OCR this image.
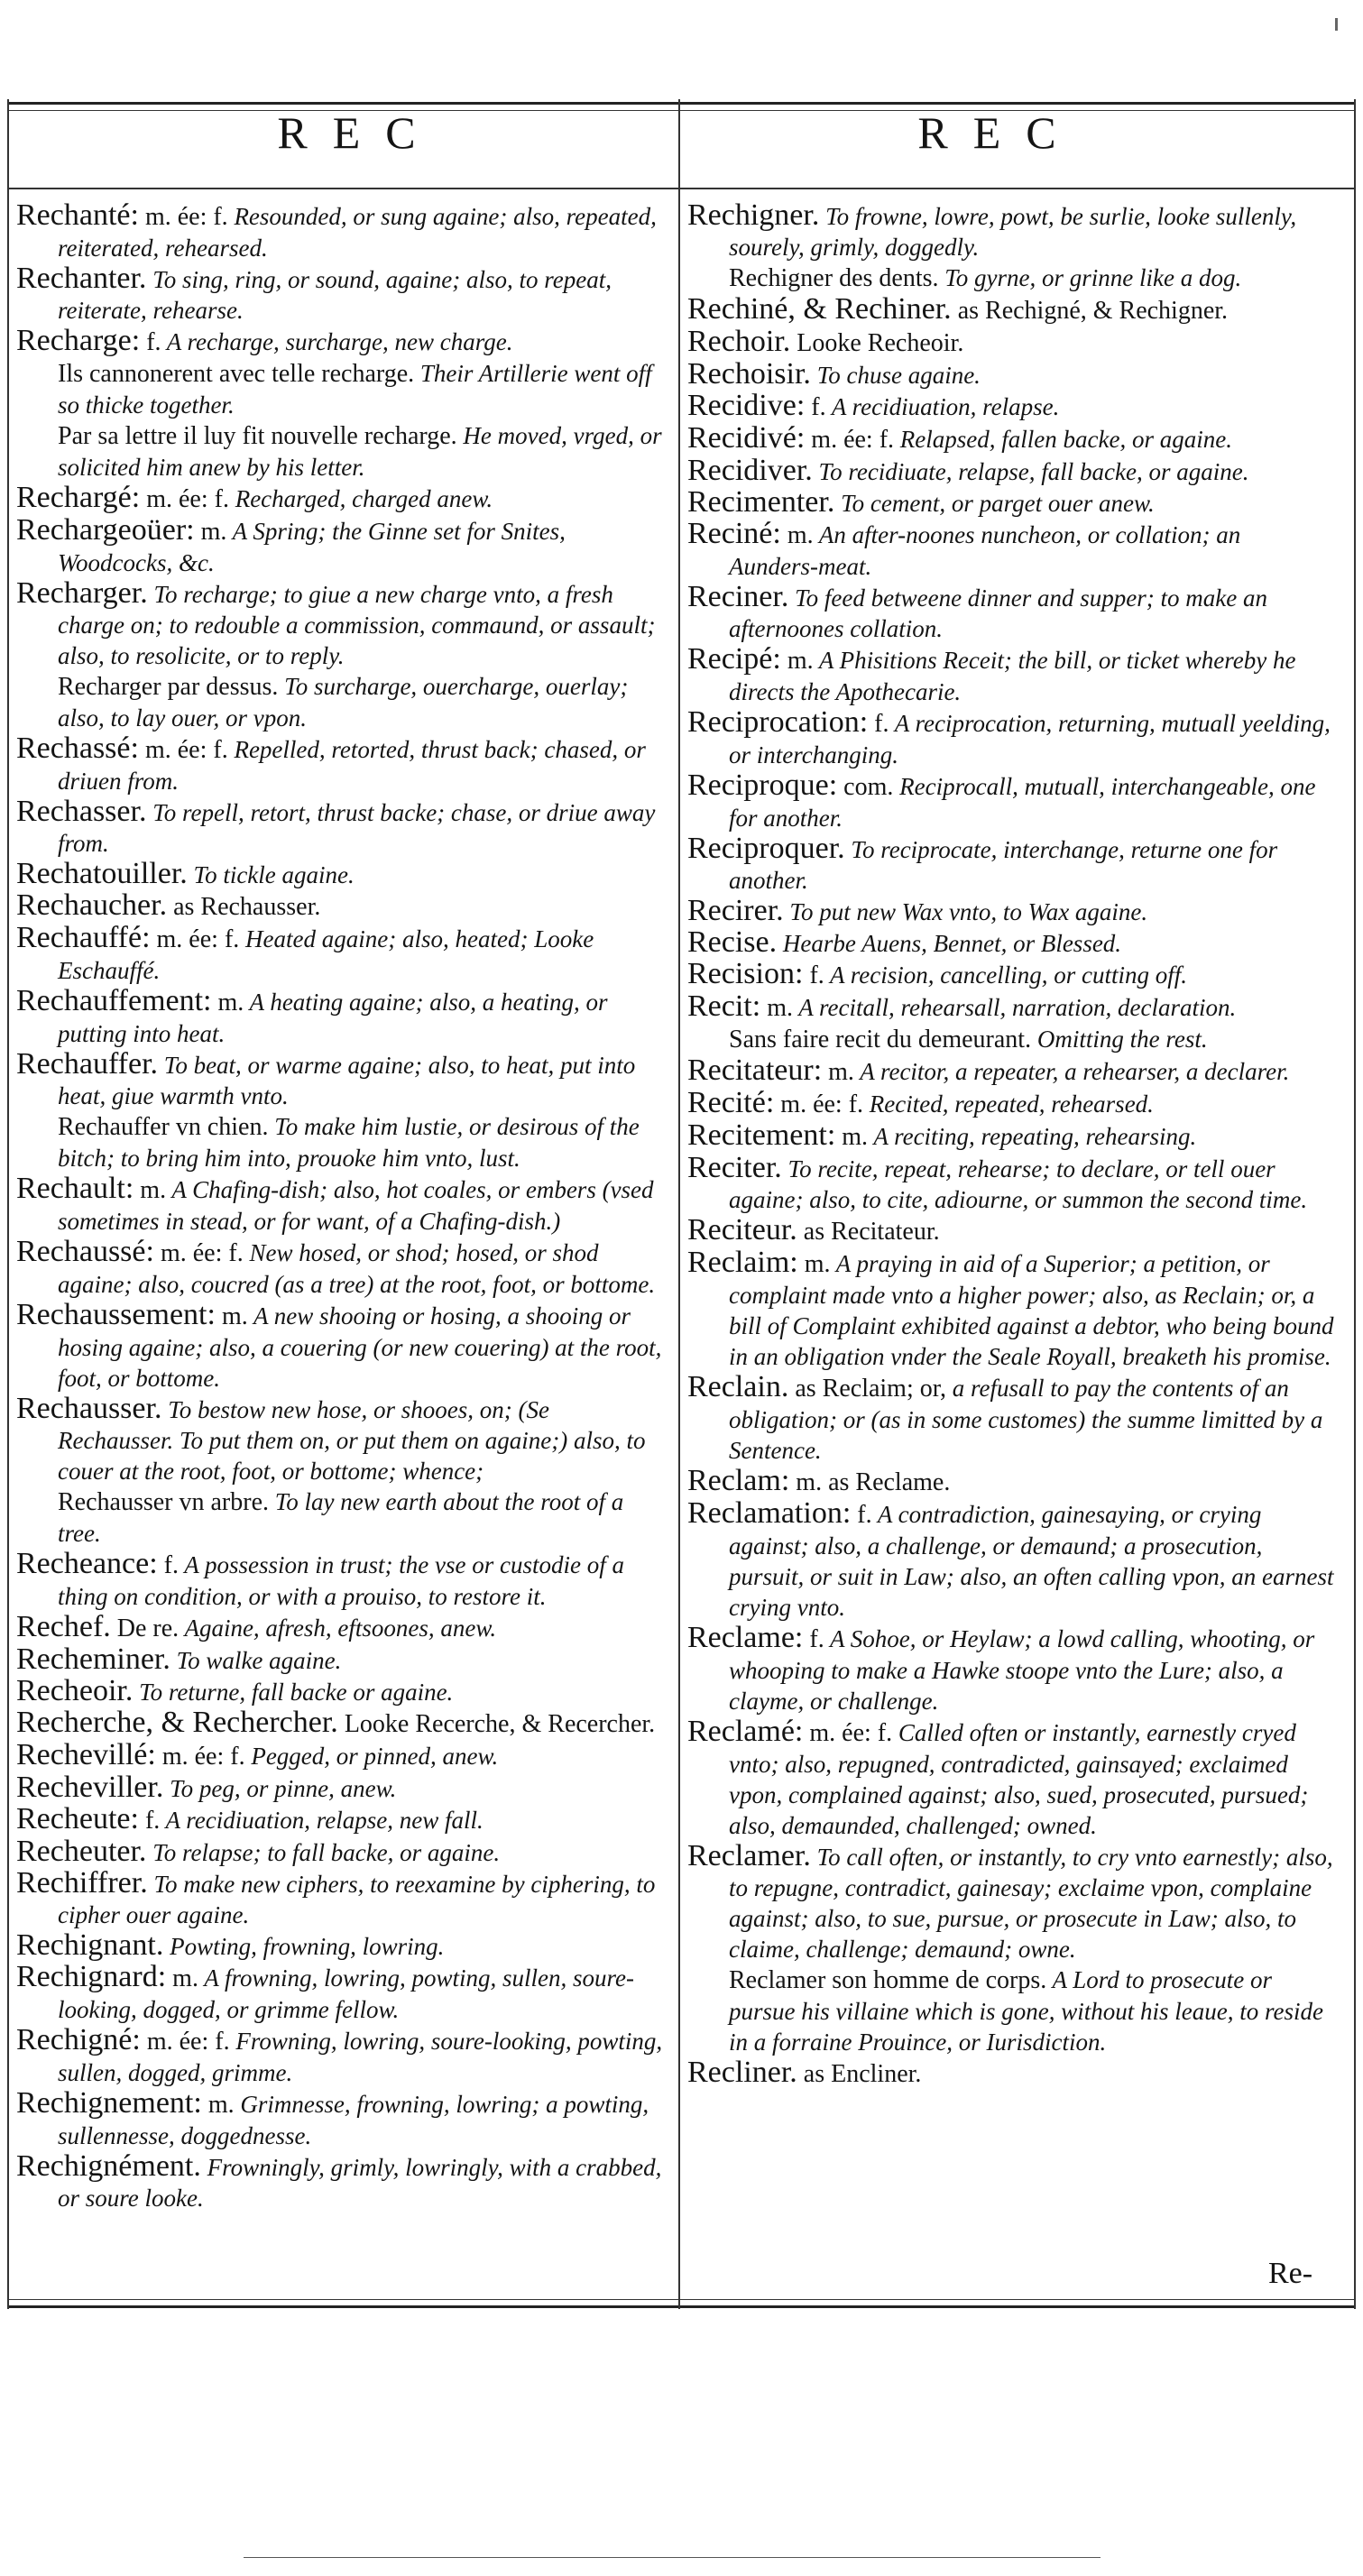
REC	REC
Rechanté: m. ée: f. Resounded, or sung againe; also, repeated, reiterated, rehearsed.
Rechanter. To sing, ring, or sound, againe; also, to repeat, reiterate, rehearse.
Recharge: f. A recharge, surcharge, new charge.
Ils cannonerent avec telle recharge. Their Artillerie went off so thicke together.
Par sa lettre il luy fit nouvelle recharge. He moved, vrged, or solicited him anew by his letter.
Rechargé: m. ée: f. Recharged, charged anew.
Rechargeoüer: m. A Spring; the Ginne set for Snites, Woodcocks, &c.
Recharger. To recharge; to giue a new charge vnto, a fresh charge on; to redouble a commission, commaund, or assault; also, to resolicite, or to reply.
Recharger par dessus. To surcharge, ouercharge, ouerlay; also, to lay ouer, or vpon.
Rechassé: m. ée: f. Repelled, retorted, thrust back; chased, or driuen from.
Rechasser. To repell, retort, thrust backe; chase, or driue away from.
Rechatouiller. To tickle againe.
Rechaucher. as Rechausser.
Rechauffé: m. ée: f. Heated againe; also, heated; Looke Eschauffé.
Rechauffement: m. A heating againe; also, a heating, or putting into heat.
Rechauffer. To beat, or warme againe; also, to heat, put into heat, giue warmth vnto.
Rechauffer vn chien. To make him lustie, or desirous of the bitch; to bring him into, prouoke him vnto, lust.
Rechault: m. A Chafing-dish; also, hot coales, or embers (vsed sometimes in stead, or for want, of a Chafing-dish.)
Rechaussé: m. ée: f. New hosed, or shod; hosed, or shod againe; also, coucred (as a tree) at the root, foot, or bottome.
Rechaussement: m. A new shooing or hosing, a shooing or hosing againe; also, a couering (or new couering) at the root, foot, or bottome.
Rechausser. To bestow new hose, or shooes, on; (Se Rechausser. To put them on, or put them on againe;) also, to couer at the root, foot, or bottome; whence;
Rechausser vn arbre. To lay new earth about the root of a tree.
Recheance: f. A possession in trust; the vse or custodie of a thing on condition, or with a prouiso, to restore it.
Rechef. De re. Againe, afresh, eftsoones, anew.
Recheminer. To walke againe.
Recheoir. To returne, fall backe or againe.
Recherche, & Rechercher. Looke Recerche, & Recercher.
Rechevillé: m. ée: f. Pegged, or pinned, anew.
Recheviller. To peg, or pinne, anew.
Recheute: f. A recidiuation, relapse, new fall.
Recheuter. To relapse; to fall backe, or againe.
Rechiffrer. To make new ciphers, to reexamine by ciphering, to cipher ouer againe.
Rechignant. Powting, frowning, lowring.
Rechignard: m. A frowning, lowring, powting, sullen, soure-looking, dogged, or grimme fellow.
Rechigné: m. ée: f. Frowning, lowring, soure-looking, powting, sullen, dogged, grimme.
Rechignement: m. Grimnesse, frowning, lowring; a powting, sullennesse, doggednesse.
Rechignément. Frowningly, grimly, lowringly, with a crabbed, or soure looke.
Rechigner. To frowne, lowre, powt, be surlie, looke sullenly, sourely, grimly, doggedly.
Rechigner des dents. To gyrne, or grinne like a dog.
Rechiné, & Rechiner. as Rechigné, & Rechigner.
Rechoir. Looke Recheoir.
Rechoisir. To chuse againe.
Recidive: f. A recidiuation, relapse.
Recidivé: m. ée: f. Relapsed, fallen backe, or againe.
Recidiver. To recidiuate, relapse, fall backe, or againe.
Recimenter. To cement, or parget ouer anew.
Reciné: m. An after-noones nuncheon, or collation; an Aunders-meat.
Reciner. To feed betweene dinner and supper; to make an afternoones collation.
Recipé: m. A Phisitions Receit; the bill, or ticket whereby he directs the Apothecarie.
Reciprocation: f. A reciprocation, returning, mutuall yeelding, or interchanging.
Reciproque: com. Reciprocall, mutuall, interchangeable, one for another.
Reciproquer. To reciprocate, interchange, returne one for another.
Recirer. To put new Wax vnto, to Wax againe.
Recise. Hearbe Auens, Bennet, or Blessed.
Recision: f. A recision, cancelling, or cutting off.
Recit: m. A recitall, rehearsall, narration, declaration.
Sans faire recit du demeurant. Omitting the rest.
Recitateur: m. A recitor, a repeater, a rehearser, a declarer.
Recité: m. ée: f. Recited, repeated, rehearsed.
Recitement: m. A reciting, repeating, rehearsing.
Reciter. To recite, repeat, rehearse; to declare, or tell ouer againe; also, to cite, adiourne, or summon the second time.
Reciteur. as Recitateur.
Reclaim: m. A praying in aid of a Superior; a petition, or complaint made vnto a higher power; also, as Reclain; or, a bill of Complaint exhibited against a debtor, who being bound in an obligation vnder the Seale Royall, breaketh his promise.
Reclain. as Reclaim; or, a refusall to pay the contents of an obligation; or (as in some customes) the summe limitted by a Sentence.
Reclam: m. as Reclame.
Reclamation: f. A contradiction, gainesaying, or crying against; also, a challenge, or demaund; a prosecution, pursuit, or suit in Law; also, an often calling vpon, an earnest crying vnto.
Reclame: f. A Sohoe, or Heylaw; a lowd calling, whooting, or whooping to make a Hawke stoope vnto the Lure; also, a clayme, or challenge.
Reclamé: m. ée: f. Called often or instantly, earnestly cryed vnto; also, repugned, contradicted, gainsayed; exclaimed vpon, complained against; also, sued, prosecuted, pursued; also, demaunded, challenged; owned.
Reclamer. To call often, or instantly, to cry vnto earnestly; also, to repugne, contradict, gainesay; exclaime vpon, complaine against; also, to sue, pursue, or prosecute in Law; also, to claime, challenge; demaund; owne.
Reclamer son homme de corps. A Lord to prosecute or pursue his villaine which is gone, without his leaue, to reside in a forraine Prouince, or Iurisdiction.
Recliner. as Encliner.
Re-
